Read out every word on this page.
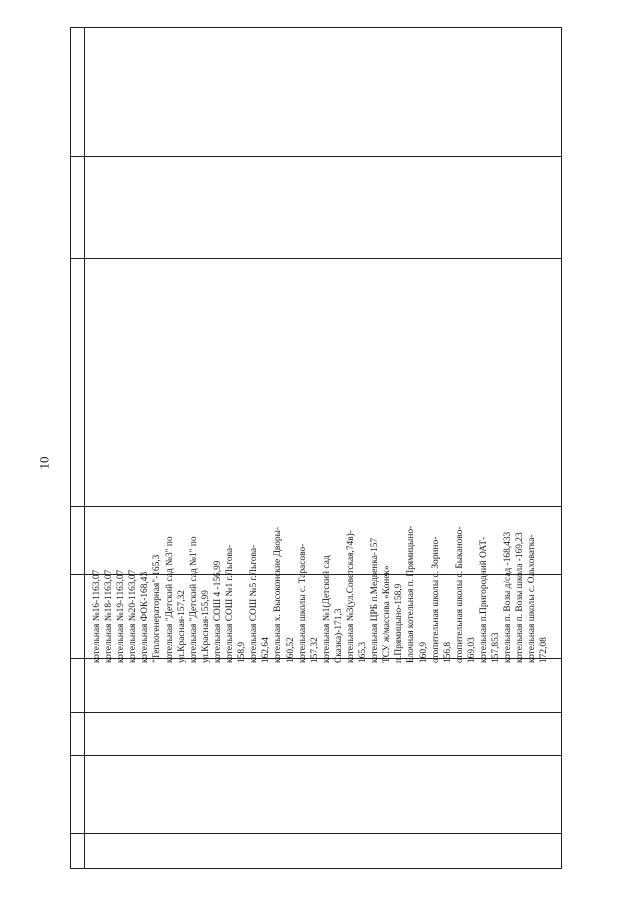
10
котельная №16-1163,07 котельная №18-1163,07 котельная №19-1163,07 котельная №20-1163,07 котельная ФОК-168,43 "Теплогенераторная"-165,3 котельная "Детский сад №3" по ул.Красная-157,32 котельная "Детский сад №1" по ул.Красная-155,99 котельная СОШ 4 -156,99 котельная СОШ №1 г.Льгова- 158,9 котельная СОШ №5 г.Льгова- 162,64 котельная х. Высоконские Дворы- 160,52 котельная школы с. Тарасово- 157,32 котельная №1(Детский сад Сказка)-171,3 котельная №3(ул.Советская,74в)- 165,3 котельная ЦРБ п.Медвенка-157 ТСУ ж/массива «Конек» п.Прямицыно-158,9 Блочная котельная п. Прямицыно- 160,9 отопительная школы с. Зорино- 156,8 отопительная школы с. Быканово- 169,03 котельная п.Пригородний ОАТ- 157,853 котельная п. Возы д/сад -168,433 котельная п. Возы школа -169,23 котельная школы с. Ольховатка- 172,08
